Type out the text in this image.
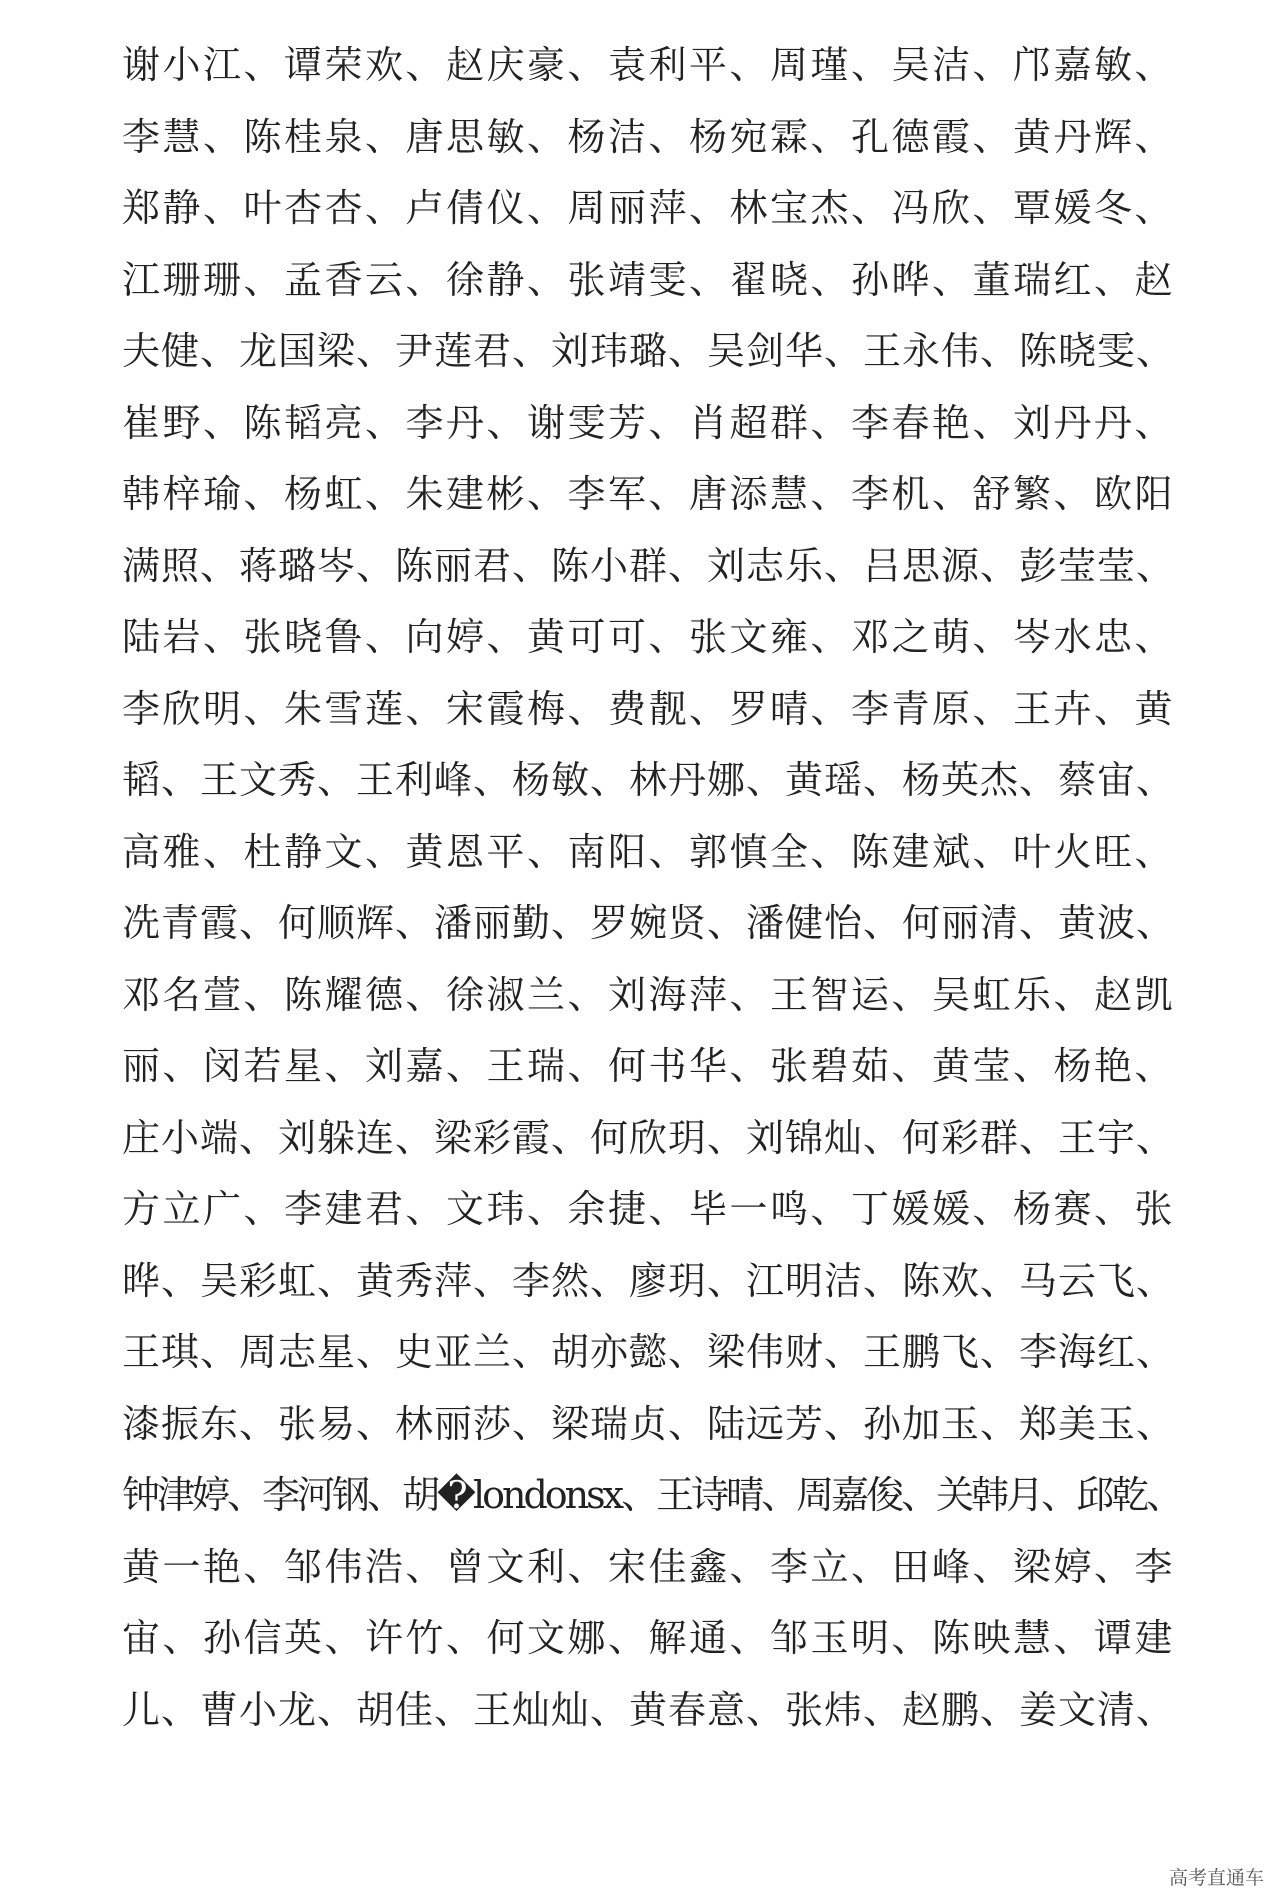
谢小江、谭荣欢、赵庆豪、袁利平、周瑾、吴洁、邝嘉敏、
李慧、陈桂泉、唐思敏、杨洁、杨宛霖、孔德霞、黄丹辉、
郑静、叶杏杏、卢倩仪、周丽萍、林宝杰、冯欣、覃媛冬、
江珊珊、孟香云、徐静、张靖雯、翟晓、孙晔、董瑞红、赵
夫健、龙国梁、尹莲君、刘玮璐、吴剑华、王永伟、陈晓雯、
崔野、陈韬亮、李丹、谢雯芳、肖超群、李春艳、刘丹丹、
韩梓瑜、杨虹、朱建彬、李军、唐添慧、李机、舒繁、欧阳
满照、蒋璐岑、陈丽君、陈小群、刘志乐、吕思源、彭莹莹、
陆岩、张晓鲁、向婷、黄可可、张文雍、邓之萌、岑水忠、
李欣明、朱雪莲、宋霞梅、费靓、罗晴、李青原、王卉、黄
韬、王文秀、王利峰、杨敏、林丹娜、黄瑶、杨英杰、蔡宙、
高雅、杜静文、黄恩平、南阳、郭慎全、陈建斌、叶火旺、
冼青霞、何顺辉、潘丽勤、罗婉贤、潘健怡、何丽清、黄波、
邓名萱、陈耀德、徐淑兰、刘海萍、王智运、吴虹乐、赵凯
丽、闵若星、刘嘉、王瑞、何书华、张碧茹、黄莹、杨艳、
庄小端、刘躲连、梁彩霞、何欣玥、刘锦灿、何彩群、王宇、
方立广、李建君、文玮、余捷、毕一鸣、丁媛媛、杨赛、张
晔、吴彩虹、黄秀萍、李然、廖玥、江明洁、陈欢、马云飞、
王琪、周志星、史亚兰、胡亦懿、梁伟财、王鹏飞、李海红、
漆振东、张易、林丽莎、梁瑞贞、陆远芳、孙加玉、郑美玉、
钟津婷、李河钢、胡�londonsx、王诗晴、周嘉俊、关韩月、邱乾、
黄一艳、邹伟浩、曾文利、宋佳鑫、李立、田峰、梁婷、李
宙、孙信英、许竹、何文娜、解通、邹玉明、陈映慧、谭建
儿、曹小龙、胡佳、王灿灿、黄春意、张炜、赵鹏、姜文清、
高考直通车
